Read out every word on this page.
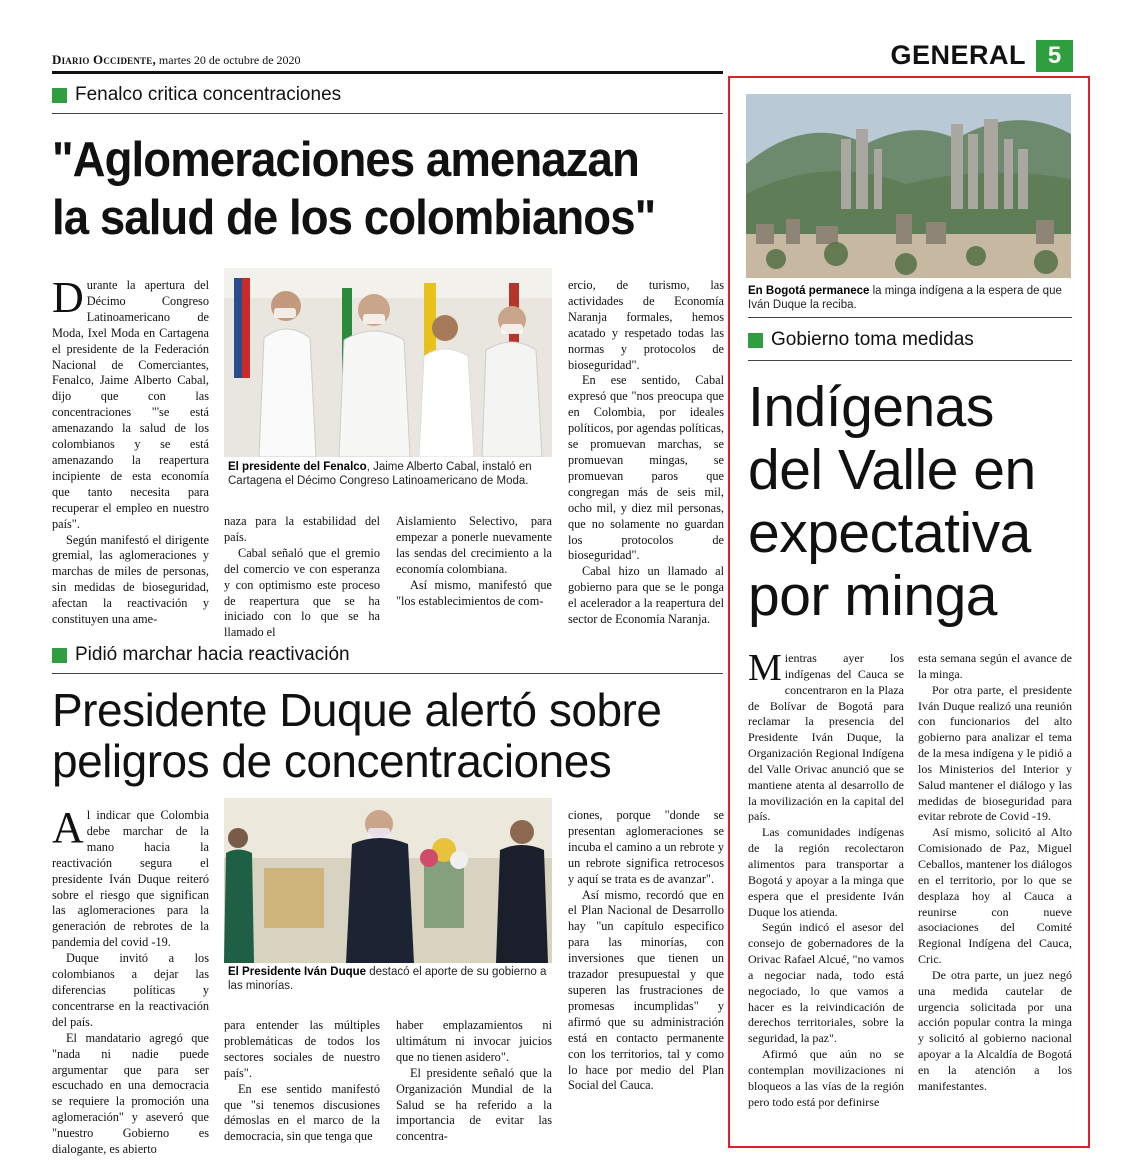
Diario Occidente, martes 20 de octubre de 2020	GENERAL 5
Fenalco critica concentraciones
"Aglomeraciones amenazan
la salud de los colombianos"

Durante la apertura del Décimo Congreso Latinoamericano de Moda, Ixel Moda en Cartagena el presidente de la Federación Nacional de Comerciantes, Fenalco, Jaime Alberto Cabal, dijo que con las concentraciones "'se está amenazando la salud de los colombianos y se está amenazando la reapertura incipiente de esta economía que tanto necesita para recuperar el empleo en nuestro país".

Según manifestó el dirigente gremial, las aglomeraciones y marchas de miles de personas, sin medidas de bioseguridad, afectan la reactivación y constituyen una ame-

El presidente del Fenalco, Jaime Alberto Cabal, instaló en Cartagena el Décimo Congreso Latinoamericano de Moda.

naza para la estabilidad del país.

Cabal señaló que el gremio del comercio ve con esperanza y con optimismo este proceso de reapertura que se ha iniciado con lo que se ha llamado el

Aislamiento Selectivo, para empezar a ponerle nuevamente las sendas del crecimiento a la economía colombiana.

Así mismo, manifestó que "los establecimientos de com-

ercio, de turismo, las actividades de Economía Naranja formales, hemos acatado y respetado todas las normas y protocolos de bioseguridad".

En ese sentido, Cabal expresó que "nos preocupa que en Colombia, por ideales políticos, por agendas políticas, se promuevan marchas, se promuevan mingas, se promuevan paros que congregan más de seis mil, ocho mil, y diez mil personas, que no solamente no guardan los protocolos de bioseguridad".

Cabal hizo un llamado al gobierno para que se le ponga el acelerador a la reapertura del sector de Economía Naranja.

Pidió marchar hacia reactivación
Presidente Duque alertó sobre
peligros de concentraciones

Al indicar que Colombia debe marchar de la mano hacia la reactivación segura el presidente Iván Duque reiteró sobre el riesgo que significan las aglomeraciones para la generación de rebrotes de la pandemia del covid -19.

Duque invitó a los colombianos a dejar las diferencias políticas y concentrarse en la reactivación del país.

El mandatario agregó que "nada ni nadie puede argumentar que para ser escuchado en una democracia se requiere la promoción una aglomeración" y aseveró que "nuestro Gobierno es dialogante, es abierto

El Presidente Iván Duque destacó el aporte de su gobierno a las minorías.

para entender las múltiples problemáticas de todos los sectores sociales de nuestro país".

En ese sentido manifestó que "si tenemos discusiones démoslas en el marco de la democracia, sin que tenga que

haber emplazamientos ni ultimátum ni invocar juicios que no tienen asidero".

El presidente señaló que la Organización Mundial de la Salud se ha referido a la importancia de evitar las concentra-

ciones, porque "donde se presentan aglomeraciones se incuba el camino a un rebrote y un rebrote significa retrocesos y aquí se trata es de avanzar".

Así mismo, recordó que en el Plan Nacional de Desarrollo hay "un capítulo especifico para las minorías, con inversiones que tienen un trazador presupuestal y que superen las frustraciones de promesas incumplidas" y afirmó que su administración está en contacto permanente con los territorios, tal y como lo hace por medio del Plan Social del Cauca.

En Bogotá permanece la minga indígena a la espera de que Iván Duque la reciba.
Gobierno toma medidas
Indígenas
del Valle en
expectativa
por minga

Mientras ayer los indígenas del Cauca se concentraron en la Plaza de Bolívar de Bogotá para reclamar la presencia del Presidente Iván Duque, la Organización Regional Indígena del Valle Orivac anunció que se mantiene atenta al desarrollo de la movilización en la capital del país.

Las comunidades indígenas de la región recolectaron alimentos para transportar a Bogotá y apoyar a la minga que espera que el presidente Iván Duque los atienda.

Según indicó el asesor del consejo de gobernadores de la Orivac Rafael Alcué, "no vamos a negociar nada, todo está negociado, lo que vamos a hacer es la reivindicación de derechos territoriales, sobre la seguridad, la paz".

Afirmó que aún no se contemplan movilizaciones ni bloqueos a las vías de la región pero todo está por definirse

esta semana según el avance de la minga.

Por otra parte, el presidente Iván Duque realizó una reunión con funcionarios del alto gobierno para analizar el tema de la mesa indígena y le pidió a los Ministerios del Interior y Salud mantener el diálogo y las medidas de bioseguridad para evitar rebrote de Covid -19.

Así mismo, solicitó al Alto Comisionado de Paz, Miguel Ceballos, mantener los diálogos en el territorio, por lo que se desplaza hoy al Cauca a reunirse con nueve asociaciones del Comité Regional Indígena del Cauca, Cric.

De otra parte, un juez negó una medida cautelar de urgencia solicitada por una acción popular contra la minga y solicitó al gobierno nacional apoyar a la Alcaldía de Bogotá en la atención a los manifestantes.
